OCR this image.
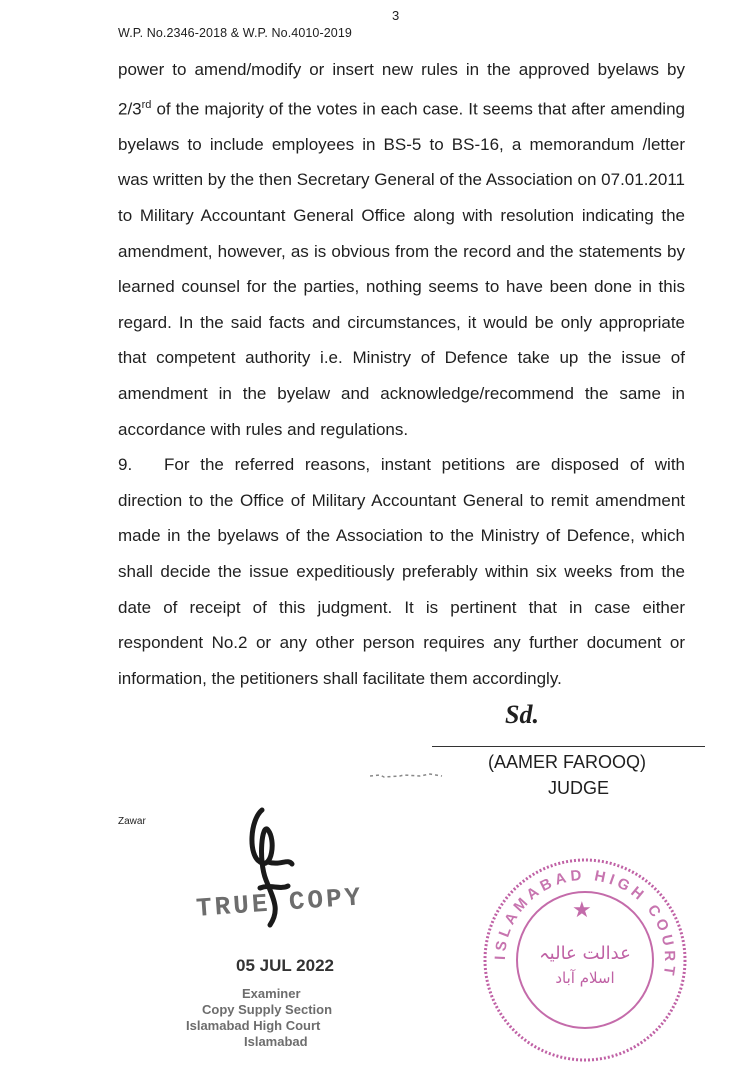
3
W.P. No.2346-2018 & W.P. No.4010-2019

power to amend/modify or insert new rules in the approved byelaws by 2/3rd of the majority of the votes in each case. It seems that after amending byelaws to include employees in BS-5 to BS-16, a memorandum /letter was written by the then Secretary General of the Association on 07.01.2011 to Military Accountant General Office along with resolution indicating the amendment, however, as is obvious from the record and the statements by learned counsel for the parties, nothing seems to have been done in this regard. In the said facts and circumstances, it would be only appropriate that competent authority i.e. Ministry of Defence take up the issue of amendment in the byelaw and acknowledge/recommend the same in accordance with rules and regulations.

9. For the referred reasons, instant petitions are disposed of with direction to the Office of Military Accountant General to remit amendment made in the byelaws of the Association to the Ministry of Defence, which shall decide the issue expeditiously preferably within six weeks from the date of receipt of this judgment. It is pertinent that in case either respondent No.2 or any other person requires any further document or information, the petitioners shall facilitate them accordingly.

Sd.
(AAMER FAROOQ)
JUDGE
Zawar
TRUE COPY
05 JUL 2022
Examiner
Copy Supply Section
Islamabad High Court
Islamabad
ISLAMABAD HIGH COURT
★
عدالت عالیہ
اسلام آباد
